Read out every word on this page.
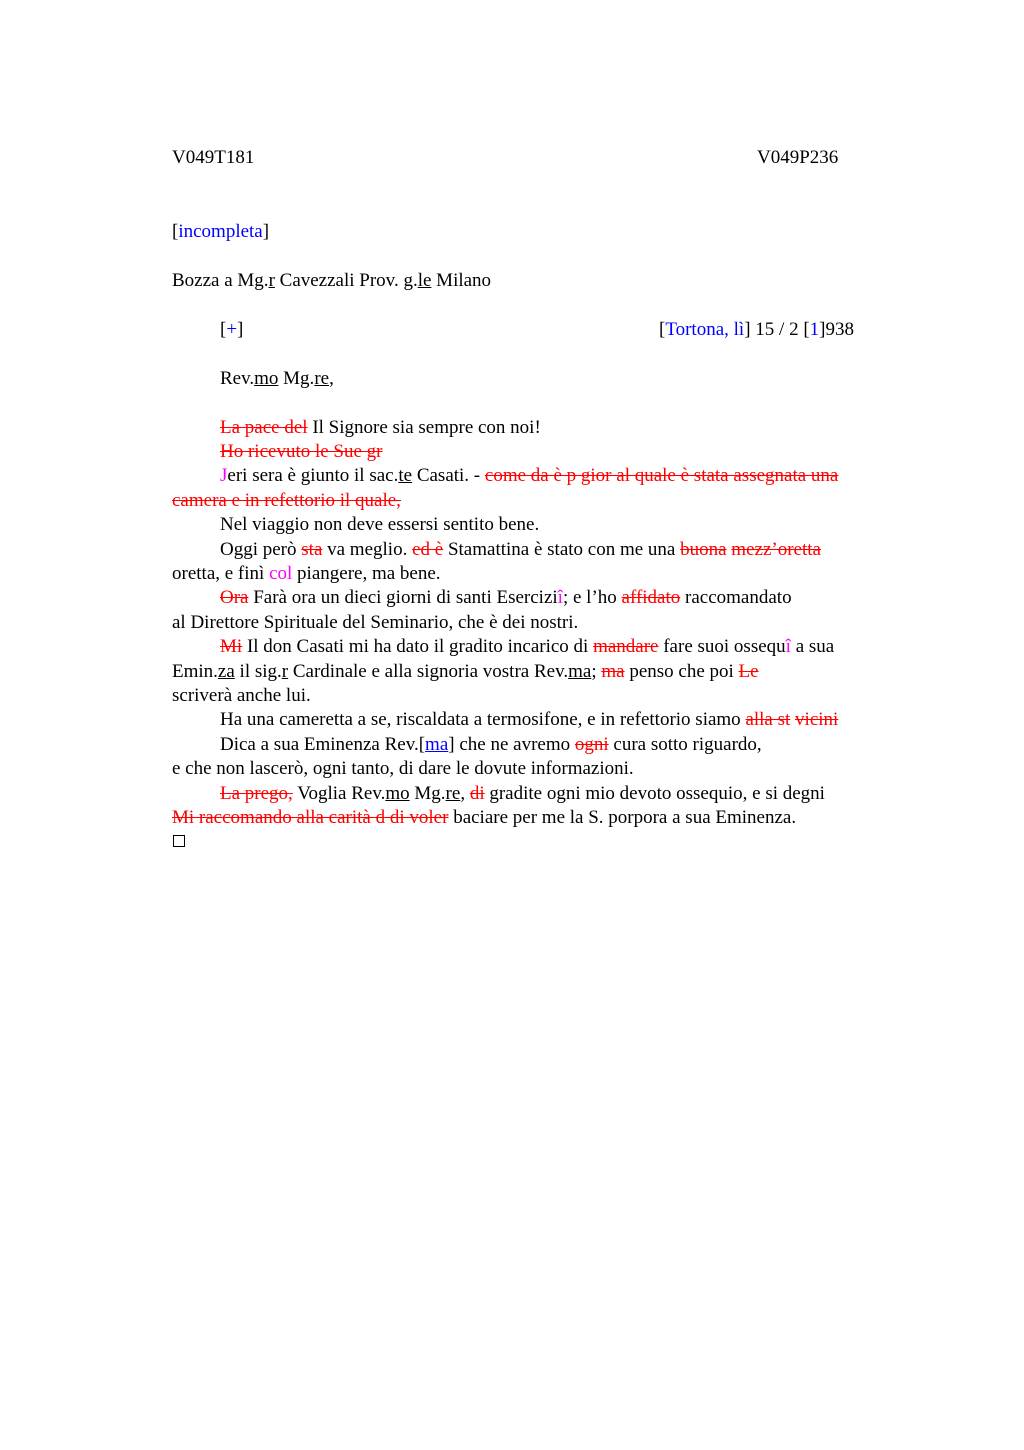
V049T181	V049P236
[incompleta]
Bozza a Mg.r Cavezzali Prov. g.le Milano
[+]	[Tortona, lì] 15 / 2 [1]938
Rev.mo Mg.re,
La pace del Il Signore sia sempre con noi!
Ho ricevuto le Sue gr
Jeri sera è giunto il sac.te Casati. - come da è p gior al quale è stata assegnata una
camera e in refettorio il quale,
Nel viaggio non deve essersi sentito bene.
Oggi però sta va meglio. ed è Stamattina è stato con me una buona mezz’oretta
oretta, e finì col piangere, ma bene.
Ora Farà ora un dieci giorni di santi Eserciziî; e l’ho affidato raccomandato
al Direttore Spirituale del Seminario, che è dei nostri.
Mi Il don Casati mi ha dato il gradito incarico di mandare fare suoi ossequî a sua
Emin.za il sig.r Cardinale e alla signoria vostra Rev.ma; ma penso che poi Le
scriverà anche lui.
Ha una cameretta a se, riscaldata a termosifone, e in refettorio siamo alla st vicini
Dica a sua Eminenza Rev.[ma] che ne avremo ogni cura sotto riguardo,
e che non lascerò, ogni tanto, di dare le dovute informazioni.
La prego, Voglia Rev.mo Mg.re, di gradite ogni mio devoto ossequio, e si degni
Mi raccomando alla carità d di voler baciare per me la S. porpora a sua Eminenza.
